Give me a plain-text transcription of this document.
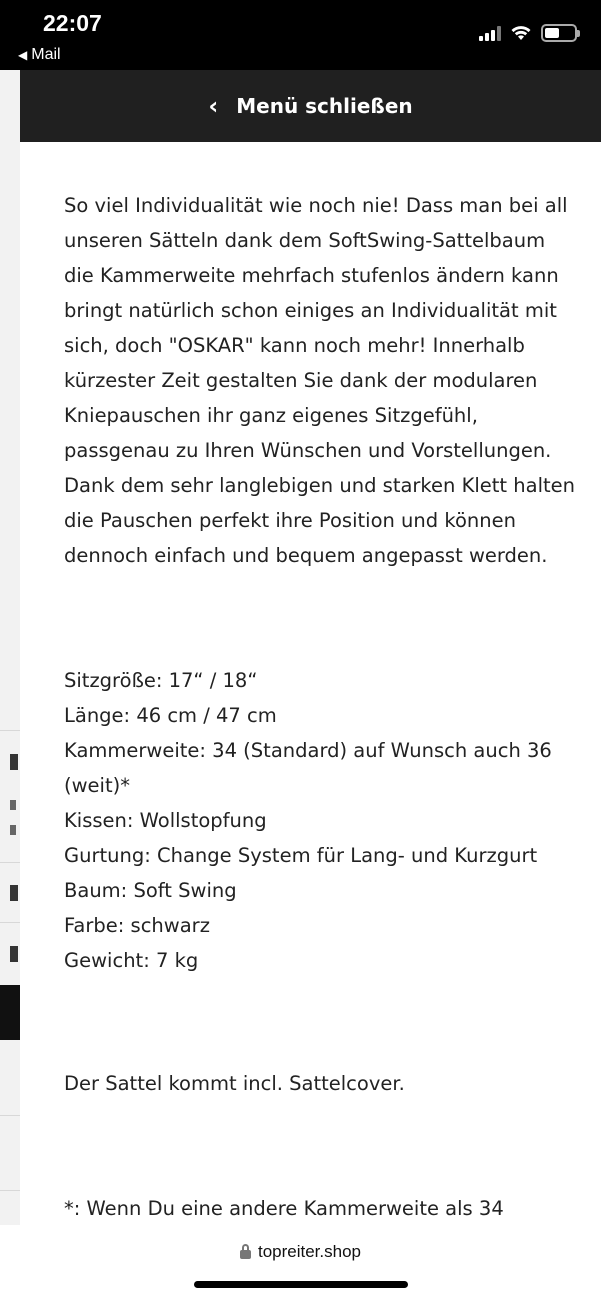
22:07
◀ Mail
‹ Menü schließen

So viel Individualität wie noch nie! Dass man bei all unseren Sätteln dank dem SoftSwing-Sattelbaum die Kammerweite mehrfach stufenlos ändern kann bringt natürlich schon einiges an Individualität mit sich, doch "OSKAR" kann noch mehr! Innerhalb kürzester Zeit gestalten Sie dank der modularen Kniepauschen ihr ganz eigenes Sitzgefühl, passgenau zu Ihren Wünschen und Vorstellungen. Dank dem sehr langlebigen und starken Klett halten die Pauschen perfekt ihre Position und können dennoch einfach und bequem angepasst werden.

Sitzgröße: 17“ / 18“

Länge: 46 cm / 47 cm

Kammerweite: 34 (Standard) auf Wunsch auch 36 (weit)*

Kissen: Wollstopfung

Gurtung: Change System für Lang- und Kurzgurt

Baum: Soft Swing

Farbe: schwarz

Gewicht: 7 kg

Der Sattel kommt incl. Sattelcover.

*: Wenn Du eine andere Kammerweite als 34

topreiter.shop
